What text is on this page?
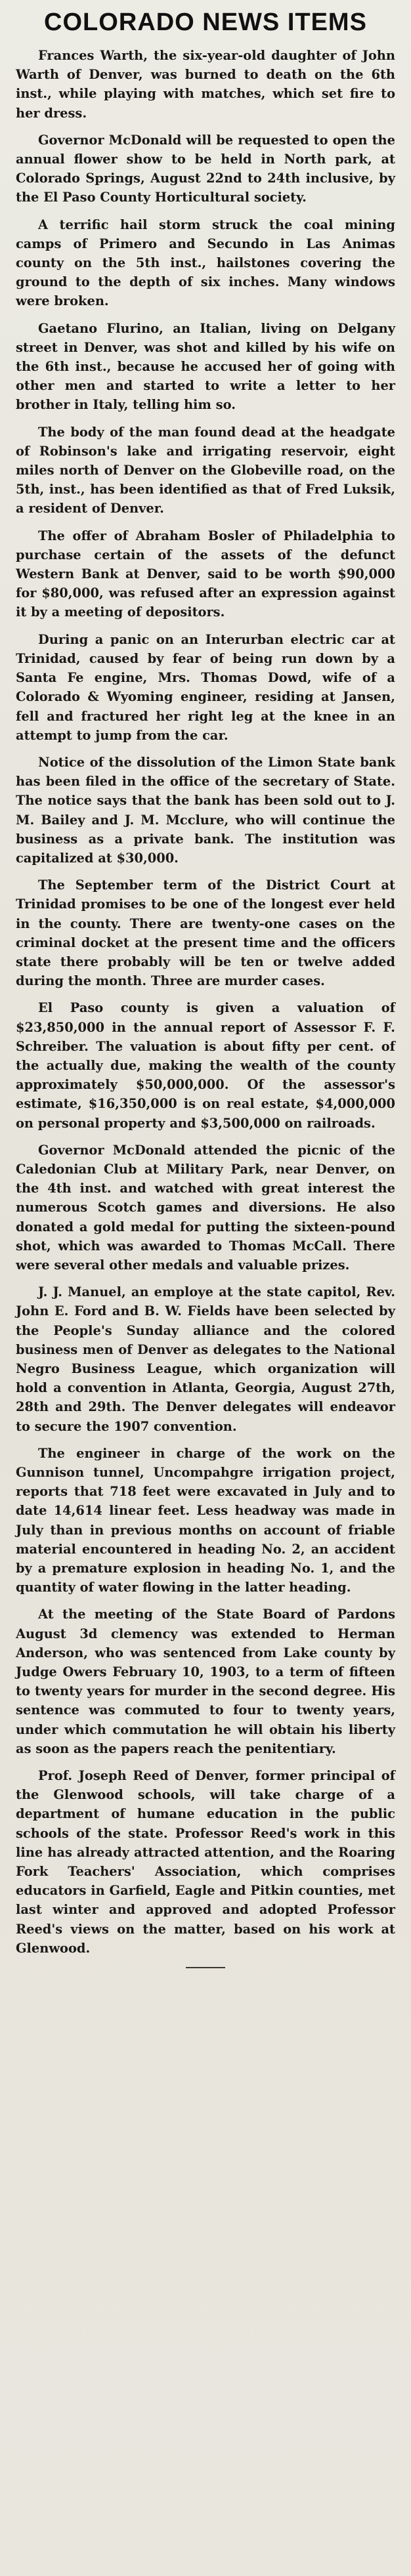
COLORADO NEWS ITEMS

Frances Warth, the six-year-old daughter of John Warth of Denver, was burned to death on the 6th inst., while playing with matches, which set fire to her dress.

Governor McDonald will be requested to open the annual flower show to be held in North park, at Colorado Springs, August 22nd to 24th inclusive, by the El Paso County Horticultural society.

A terrific hail storm struck the coal mining camps of Primero and Secundo in Las Animas county on the 5th inst., hailstones covering the ground to the depth of six inches. Many windows were broken.

Gaetano Flurino, an Italian, living on Delgany street in Denver, was shot and killed by his wife on the 6th inst., because he accused her of going with other men and started to write a letter to her brother in Italy, telling him so.

The body of the man found dead at the headgate of Robinson's lake and irrigating reservoir, eight miles north of Denver on the Globeville road, on the 5th, inst., has been identified as that of Fred Luksik, a resident of Denver.

The offer of Abraham Bosler of Philadelphia to purchase certain of the assets of the defunct Western Bank at Denver, said to be worth $90,000 for $80,000, was refused after an expression against it by a meeting of depositors.

During a panic on an Interurban electric car at Trinidad, caused by fear of being run down by a Santa Fe engine, Mrs. Thomas Dowd, wife of a Colorado & Wyoming engineer, residing at Jansen, fell and fractured her right leg at the knee in an attempt to jump from the car.

Notice of the dissolution of the Limon State bank has been filed in the office of the secretary of State. The notice says that the bank has been sold out to J. M. Bailey and J. M. Mcclure, who will continue the business as a private bank. The institution was capitalized at $30,000.

The September term of the District Court at Trinidad promises to be one of the longest ever held in the county. There are twenty-one cases on the criminal docket at the present time and the officers state there probably will be ten or twelve added during the month. Three are murder cases.

El Paso county is given a valuation of $23,850,000 in the annual report of Assessor F. F. Schreiber. The valuation is about fifty per cent. of the actually due, making the wealth of the county approximately $50,000,000. Of the assessor's estimate, $16,350,000 is on real estate, $4,000,000 on personal property and $3,500,000 on railroads.

Governor McDonald attended the picnic of the Caledonian Club at Military Park, near Denver, on the 4th inst. and watched with great interest the numerous Scotch games and diversions. He also donated a gold medal for putting the sixteen-pound shot, which was awarded to Thomas McCall. There were several other medals and valuable prizes.

J. J. Manuel, an employe at the state capitol, Rev. John E. Ford and B. W. Fields have been selected by the People's Sunday alliance and the colored business men of Denver as delegates to the National Negro Business League, which organization will hold a convention in Atlanta, Georgia, August 27th, 28th and 29th. The Denver delegates will endeavor to secure the 1907 convention.

The engineer in charge of the work on the Gunnison tunnel, Uncompahgre irrigation project, reports that 718 feet were excavated in July and to date 14,614 linear feet. Less headway was made in July than in previous months on account of friable material encountered in heading No. 2, an accident by a premature explosion in heading No. 1, and the quantity of water flowing in the latter heading.

At the meeting of the State Board of Pardons August 3d clemency was extended to Herman Anderson, who was sentenced from Lake county by Judge Owers February 10, 1903, to a term of fifteen to twenty years for murder in the second degree. His sentence was commuted to four to twenty years, under which commutation he will obtain his liberty as soon as the papers reach the penitentiary.

Prof. Joseph Reed of Denver, former principal of the Glenwood schools, will take charge of a department of humane education in the public schools of the state. Professor Reed's work in this line has already attracted attention, and the Roaring Fork Teachers' Association, which comprises educators in Garfield, Eagle and Pitkin counties, met last winter and approved and adopted Professor Reed's views on the matter, based on his work at Glenwood.
